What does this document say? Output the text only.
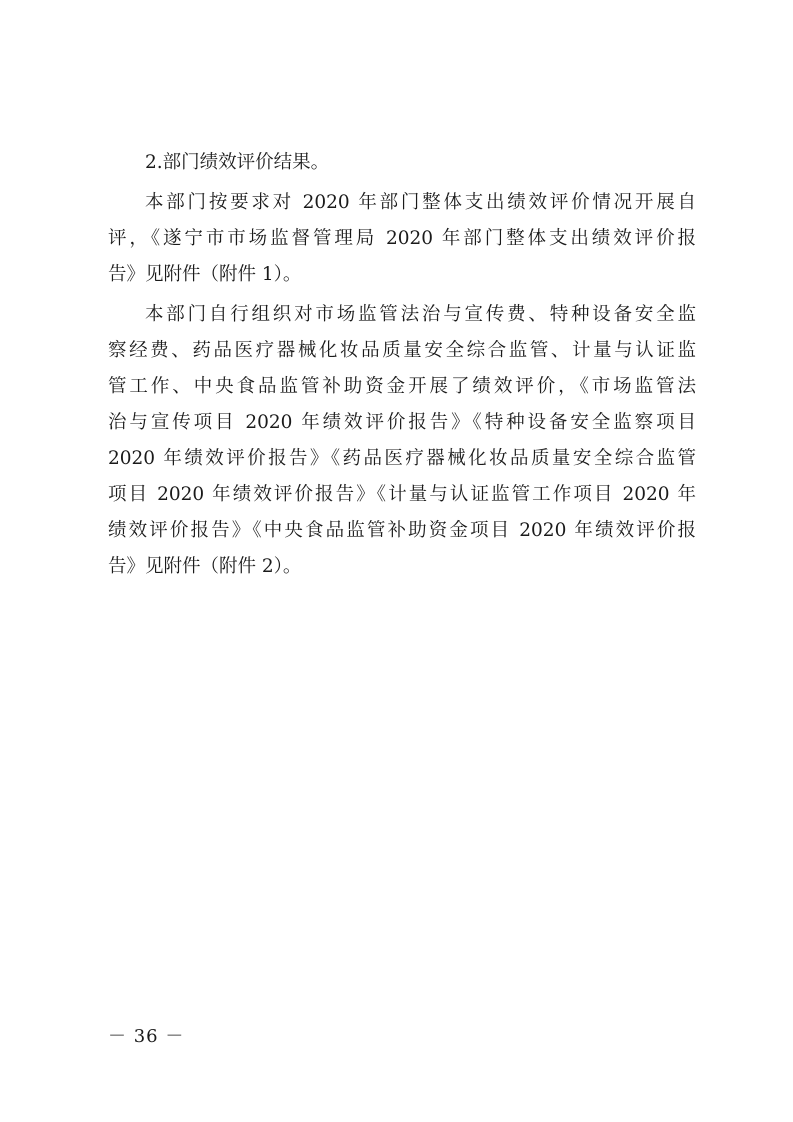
2.部门绩效评价结果。
本部门按要求对 2020 年部门整体支出绩效评价情况开展自
评，《遂宁市市场监督管理局 2020 年部门整体支出绩效评价报
告》见附件（附件 1）。
本部门自行组织对市场监管法治与宣传费、特种设备安全监
察经费、药品医疗器械化妆品质量安全综合监管、计量与认证监
管工作、中央食品监管补助资金开展了绩效评价，《市场监管法
治与宣传项目 2020 年绩效评价报告》《特种设备安全监察项目
2020 年绩效评价报告》《药品医疗器械化妆品质量安全综合监管
项目 2020 年绩效评价报告》《计量与认证监管工作项目 2020 年
绩效评价报告》《中央食品监管补助资金项目 2020 年绩效评价报
告》见附件（附件 2）。
－ 36 －
